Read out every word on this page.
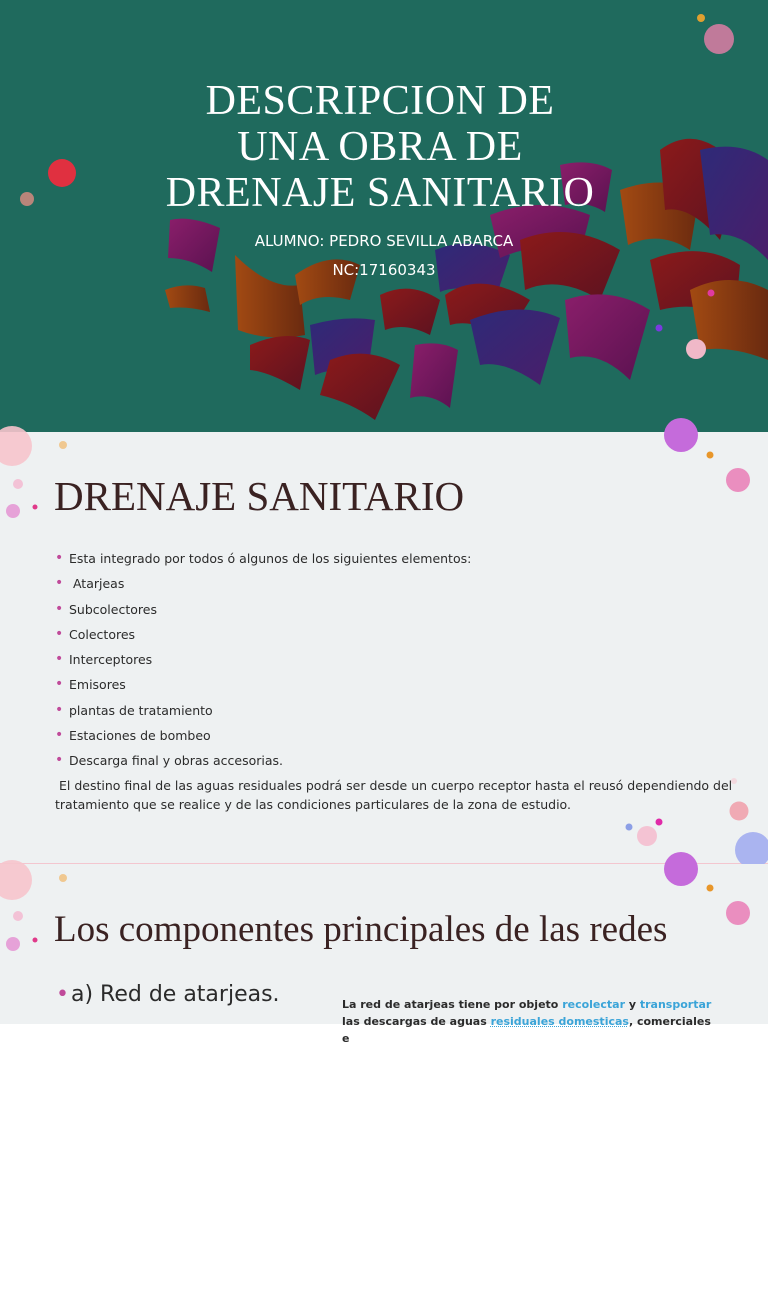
DESCRIPCION DE
UNA OBRA DE
DRENAJE SANITARIO
ALUMNO: PEDRO SEVILLA ABARCA
NC:17160343
DRENAJE SANITARIO
• Esta integrado por todos ó algunos de los siguientes elementos:
• Atarjeas
• Subcolectores
• Colectores
• Interceptores
• Emisores
• plantas de tratamiento
• Estaciones de bombeo
• Descarga final y obras accesorias.

El destino final de las aguas residuales podrá ser desde un cuerpo receptor hasta el reusó dependiendo del tratamiento que se realice y de las condiciones particulares de la zona de estudio.

Los componentes principales de las redes
•a) Red de atarjeas.	La red de atarjeas tiene por objeto recolectar y transportar las descargas de aguas residuales domesticas, comerciales e
